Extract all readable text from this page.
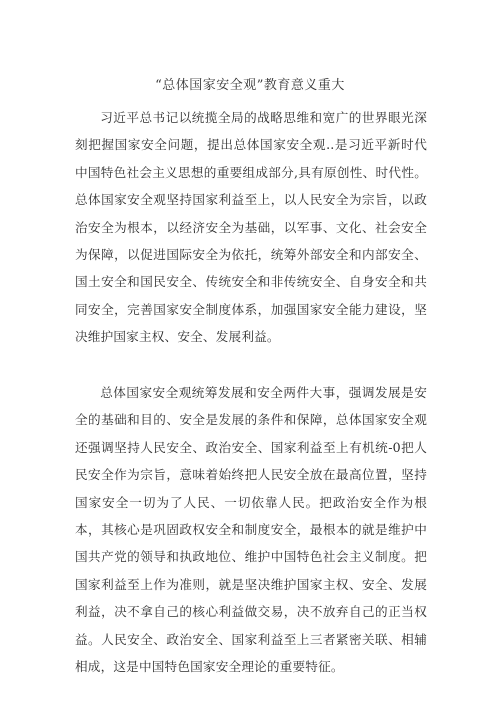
“总体国家安全观”教育意义重大

习近平总书记以统揽全局的战略思维和宽广的世界眼光深刻把握国家安全问题，提出总体国家安全观..是习近平新时代中国特色社会主义思想的重要组成部分,具有原创性、时代性。总体国家安全观坚持国家利益至上，以人民安全为宗旨，以政治安全为根本，以经济安全为基础，以军事、文化、社会安全为保障，以促进国际安全为依托，统筹外部安全和内部安全、国土安全和国民安全、传统安全和非传统安全、自身安全和共同安全，完善国家安全制度体系，加强国家安全能力建设，坚决维护国家主权、安全、发展利益。

总体国家安全观统筹发展和安全两件大事，强调发展是安全的基础和目的、安全是发展的条件和保障，总体国家安全观还强调坚持人民安全、政治安全、国家利益至上有机统-0把人民安全作为宗旨，意味着始终把人民安全放在最高位置，坚持国家安全一切为了人民、一切依靠人民。把政治安全作为根本，其核心是巩固政权安全和制度安全，最根本的就是维护中国共产党的领导和执政地位、维护中国特色社会主义制度。把国家利益至上作为准则，就是坚决维护国家主权、安全、发展利益，决不拿自己的核心利益做交易，决不放弃自己的正当权益。人民安全、政治安全、国家利益至上三者紧密关联、相辅相成，这是中国特色国家安全理论的重要特征。
